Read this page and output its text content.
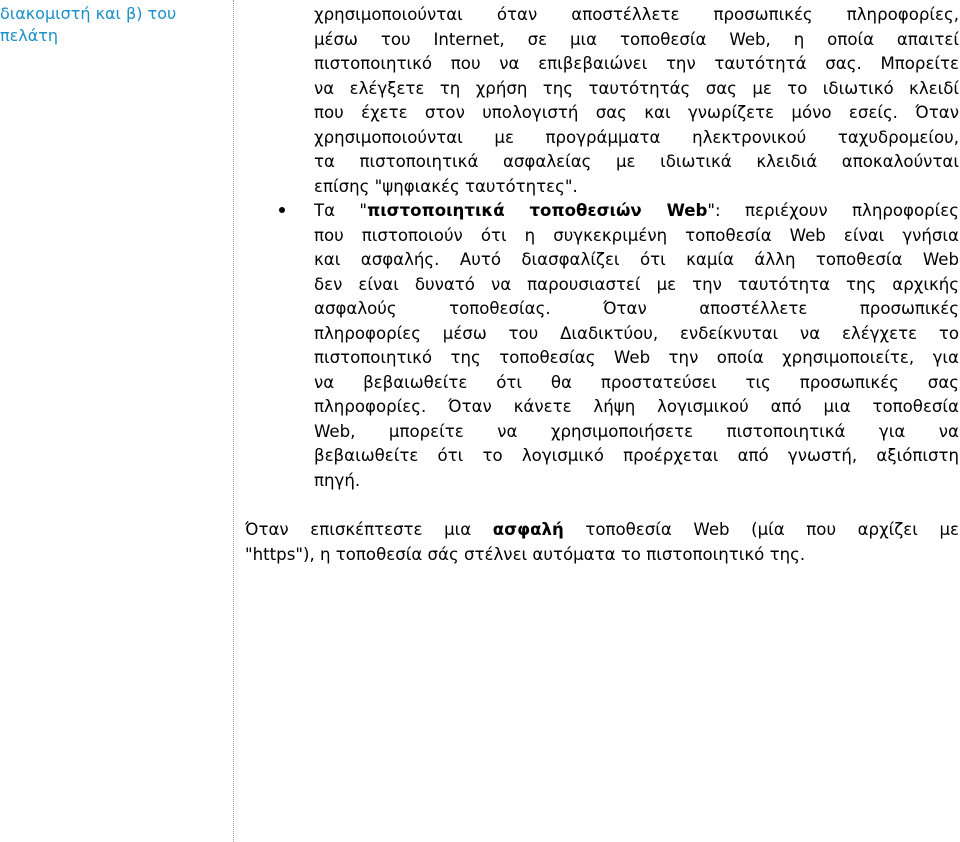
διακομιστή και β) του
πελάτη
χρησιμοποιούνται όταν αποστέλλετε προσωπικές πληροφορίες,
μέσω του Internet, σε μια τοποθεσία Web, η οποία απαιτεί
πιστοποιητικό που να επιβεβαιώνει την ταυτότητά σας. Μπορείτε
να ελέγξετε τη χρήση της ταυτότητάς σας με το ιδιωτικό κλειδί
που έχετε στον υπολογιστή σας και γνωρίζετε μόνο εσείς. Όταν
χρησιμοποιούνται με προγράμματα ηλεκτρονικού ταχυδρομείου,
τα πιστοποιητικά ασφαλείας με ιδιωτικά κλειδιά αποκαλούνται
επίσης "ψηφιακές ταυτότητες".
Τα "πιστοποιητικά τοποθεσιών Web": περιέχουν πληροφορίες
που πιστοποιούν ότι η συγκεκριμένη τοποθεσία Web είναι γνήσια
και ασφαλής. Αυτό διασφαλίζει ότι καμία άλλη τοποθεσία Web
δεν είναι δυνατό να παρουσιαστεί με την ταυτότητα της αρχικής
ασφαλούς τοποθεσίας. Όταν αποστέλλετε προσωπικές
πληροφορίες μέσω του Διαδικτύου, ενδείκνυται να ελέγχετε το
πιστοποιητικό της τοποθεσίας Web την οποία χρησιμοποιείτε, για
να βεβαιωθείτε ότι θα προστατεύσει τις προσωπικές σας
πληροφορίες. Όταν κάνετε λήψη λογισμικού από μια τοποθεσία
Web, μπορείτε να χρησιμοποιήσετε πιστοποιητικά για να
βεβαιωθείτε ότι το λογισμικό προέρχεται από γνωστή, αξιόπιστη
πηγή.

Όταν επισκέπτεστε μια ασφαλή τοποθεσία Web (μία που αρχίζει με
"https"), η τοποθεσία σάς στέλνει αυτόματα το πιστοποιητικό της.
